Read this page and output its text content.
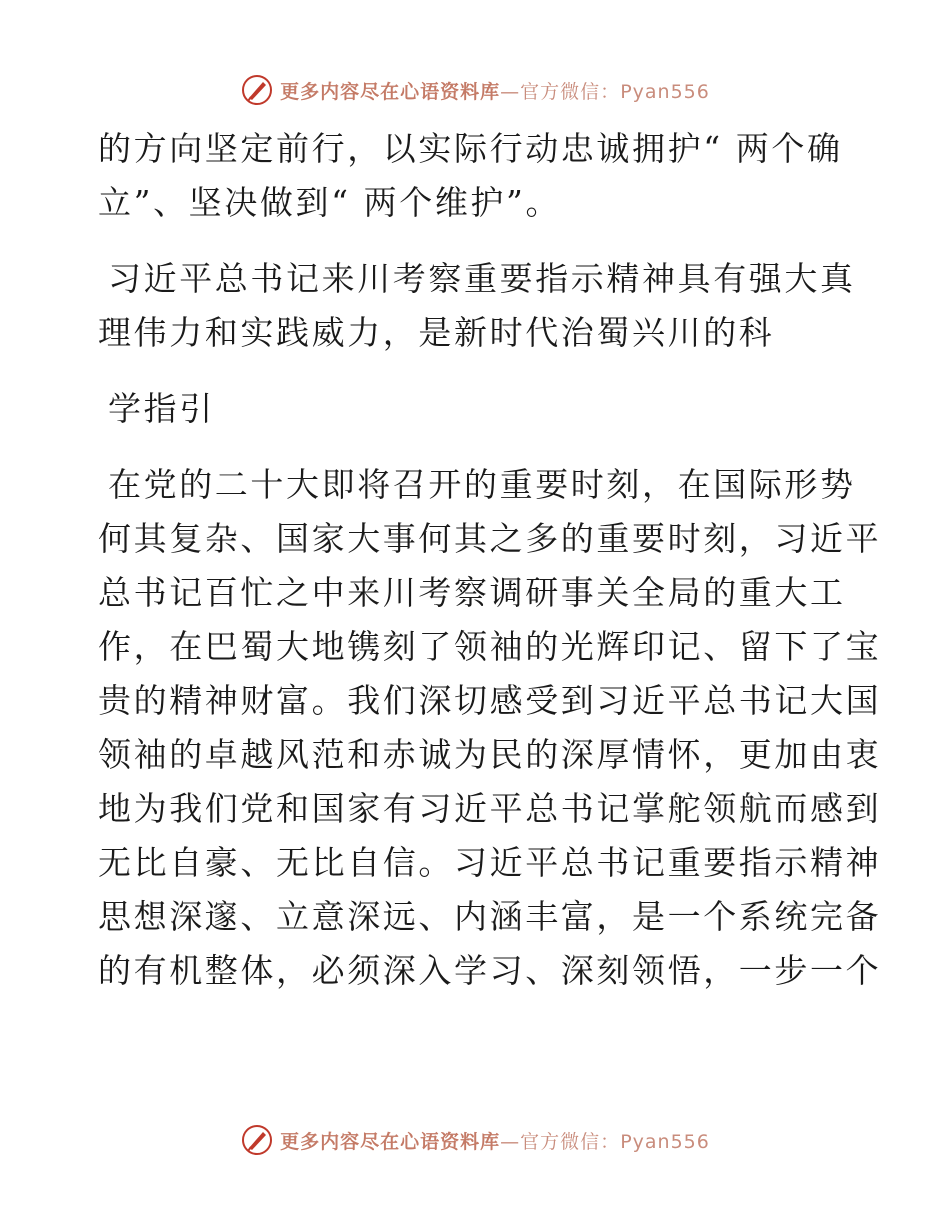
更多内容尽在心语资料库—官方微信：Pyan556
的方向坚定前行，以实际行动忠诚拥护“ 两个确
立”、坚决做到“ 两个维护”。
习近平总书记来川考察重要指示精神具有强大真
理伟力和实践威力，是新时代治蜀兴川的科
学指引
在党的二十大即将召开的重要时刻，在国际形势
何其复杂、国家大事何其之多的重要时刻，习近平
总书记百忙之中来川考察调研事关全局的重大工
作，在巴蜀大地镌刻了领袖的光辉印记、留下了宝
贵的精神财富。我们深切感受到习近平总书记大国
领袖的卓越风范和赤诚为民的深厚情怀，更加由衷
地为我们党和国家有习近平总书记掌舵领航而感到
无比自豪、无比自信。习近平总书记重要指示精神
思想深邃、立意深远、内涵丰富，是一个系统完备
的有机整体，必须深入学习、深刻领悟，一步一个
更多内容尽在心语资料库—官方微信：Pyan556
